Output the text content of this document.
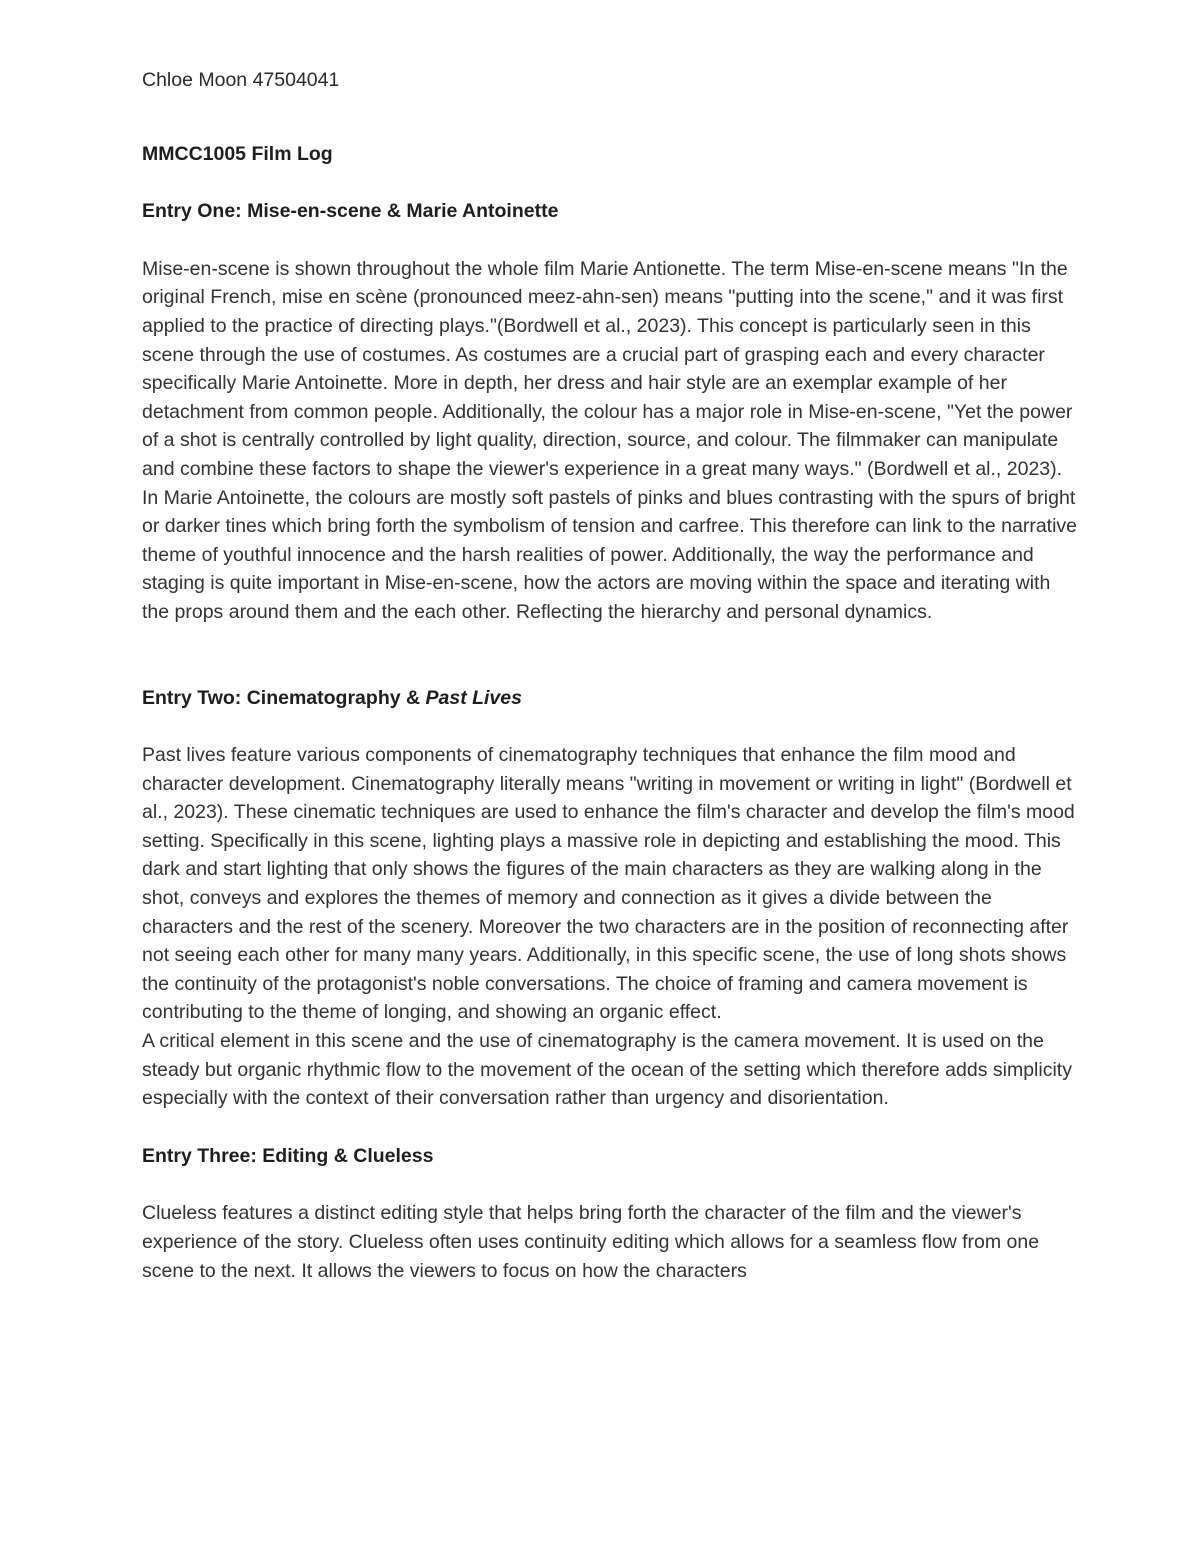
Chloe Moon 47504041

MMCC1005 Film Log

Entry One: Mise-en-scene & Marie Antoinette

Mise-en-scene is shown throughout the whole film Marie Antionette. The term Mise-en-scene means "In the original French, mise en scène (pronounced meez-ahn-sen) means "putting into the scene," and it was first applied to the practice of directing plays."(Bordwell et al., 2023). This concept is particularly seen in this scene through the use of costumes. As costumes are a crucial part of grasping each and every character specifically Marie Antoinette. More in depth, her dress and hair style are an exemplar example of her detachment from common people. Additionally, the colour has a major role in Mise-en-scene, "Yet the power of a shot is centrally controlled by light quality, direction, source, and colour. The filmmaker can manipulate and combine these factors to shape the viewer's experience in a great many ways." (Bordwell et al., 2023). In Marie Antoinette, the colours are mostly soft pastels of pinks and blues contrasting with the spurs of bright or darker tines which bring forth the symbolism of tension and carfree. This therefore can link to the narrative theme of youthful innocence and the harsh realities of power. Additionally, the way the performance and staging is quite important in Mise-en-scene, how the actors are moving within the space and iterating with the props around them and the each other. Reflecting the hierarchy and personal dynamics.

Entry Two: Cinematography & Past Lives

Past lives feature various components of cinematography techniques that enhance the film mood and character development. Cinematography literally means "writing in movement or writing in light" (Bordwell et al., 2023). These cinematic techniques are used to enhance the film's character and develop the film's mood setting. Specifically in this scene, lighting plays a massive role in depicting and establishing the mood. This dark and start lighting that only shows the figures of the main characters as they are walking along in the shot, conveys and explores the themes of memory and connection as it gives a divide between the characters and the rest of the scenery. Moreover the two characters are in the position of reconnecting after not seeing each other for many many years. Additionally, in this specific scene, the use of long shots shows the continuity of the protagonist's noble conversations. The choice of framing and camera movement is contributing to the theme of longing, and showing an organic effect.

A critical element in this scene and the use of cinematography is the camera movement. It is used on the steady but organic rhythmic flow to the movement of the ocean of the setting which therefore adds simplicity especially with the context of their conversation rather than urgency and disorientation.

Entry Three: Editing & Clueless

Clueless features a distinct editing style that helps bring forth the character of the film and the viewer's experience of the story. Clueless often uses continuity editing which allows for a seamless flow from one scene to the next. It allows the viewers to focus on how the characters
